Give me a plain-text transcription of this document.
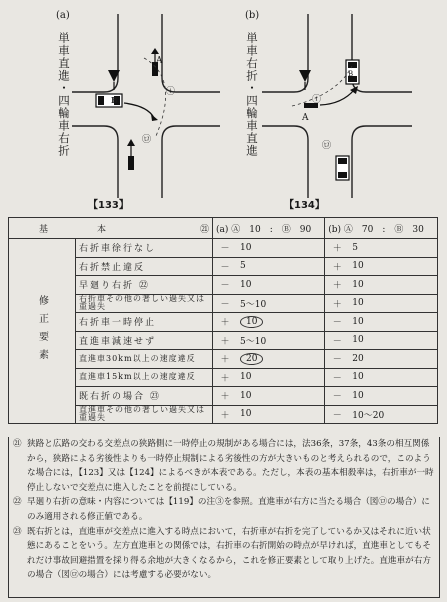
(a)
単車直進・四輪車右折	A
B
ⓘ
㋺
【133】
(b)
単車右折・四輪車直進	A
B
ⓘ
㋺
【134】
基　本 ㉑		(a) Ⓐ　10　:　Ⓑ　90		(b) Ⓐ　70　:　Ⓑ　30	
修正要素	右折車徐行なし	－	10	＋	5
	右折禁止違反	－	5	＋	10
	早廻り右折 ㉒	－	10	＋	10
	右折車その他の著しい過失又は重過失	－	5～10	＋	10
	右折車一時停止	＋	10	－	10
	直進車減速せず	＋	5～10	－	10
	直進車30km以上の速度違反	＋	20	－	20
	直進車15km以上の速度違反	＋	10	－	10
	既右折の場合 ㉓	＋	10	－	10
	直進車その他の著しい過失又は重過失	＋	10	－	10～20
㉑ 狭路と広路の交わる交差点の狭路側に一時停止の規制がある場合には，法36条，37条，43条の相互関係から，狭路による劣後性よりも一時停止規制による劣後性の方が大きいものと考えられるので，このような場合には，【123】又は【124】によるべきが本表である。ただし，本表の基本相殺率は，右折車が一時停止しないで交差点に進入したことを前提にしている。
㉒ 早廻り右折の意味・内容については【119】の注③を参照。直進車が右方に当たる場合（図㋺の場合）にのみ適用される修正値である。
㉓ 既右折とは，直進車が交差点に進入する時点において，右折車が右折を完了しているか又はそれに近い状態にあることをいう。左方直進車との関係では，右折車の右折開始の時点が早ければ，直進車としてもそれだけ事故回避措置を採り得る余地が大きくなるから，これを修正要素として取り上げた。直進車が右方の場合（図㋺の場合）には考慮する必要がない。
